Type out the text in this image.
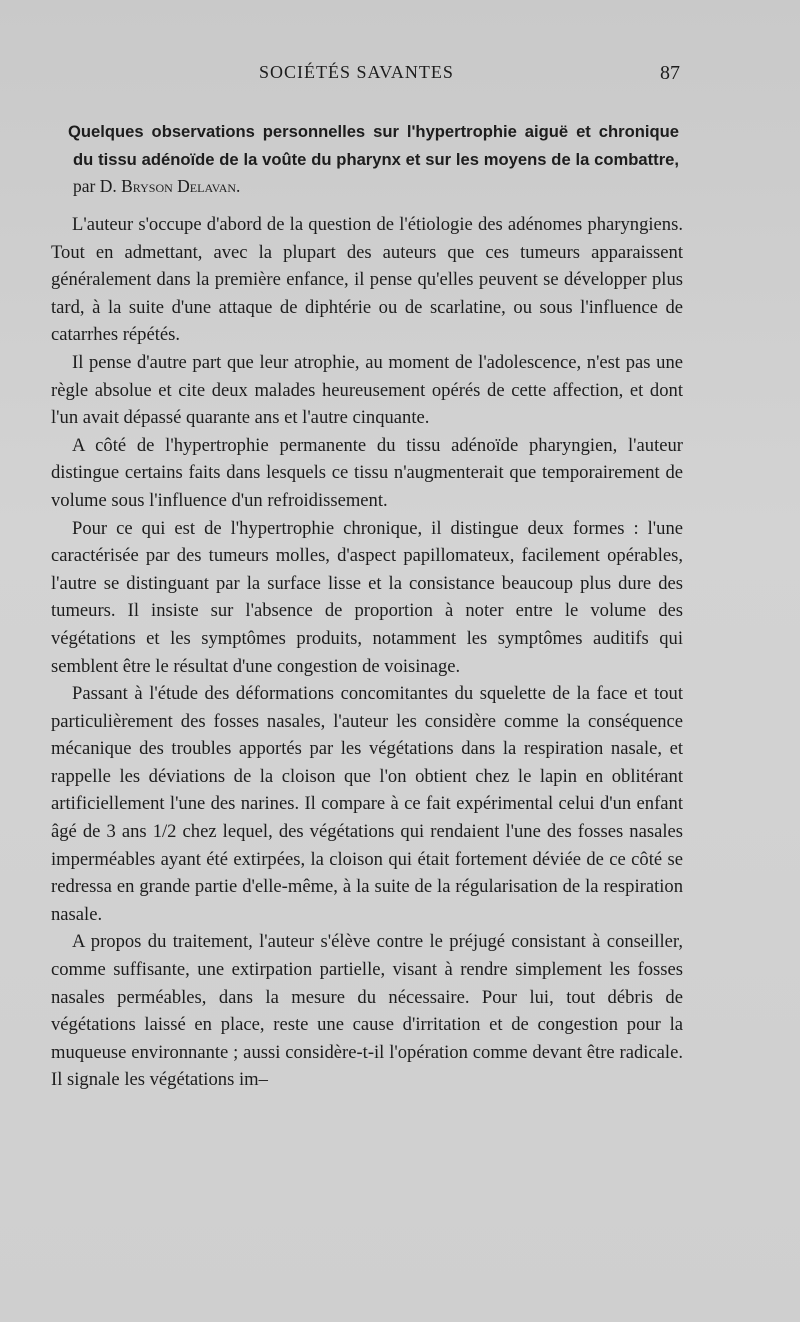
SOCIÉTÉS SAVANTES	87
Quelques observations personnelles sur l'hypertrophie aiguë et chronique du tissu adénoïde de la voûte du pharynx et sur les moyens de la combattre, par D. Bryson Delavan.

L'auteur s'occupe d'abord de la question de l'étiologie des adénomes pharyngiens. Tout en admettant, avec la plupart des auteurs que ces tumeurs apparaissent généralement dans la première enfance, il pense qu'elles peuvent se développer plus tard, à la suite d'une attaque de diphtérie ou de scarlatine, ou sous l'influence de catarrhes répétés.

Il pense d'autre part que leur atrophie, au moment de l'adolescence, n'est pas une règle absolue et cite deux malades heureusement opérés de cette affection, et dont l'un avait dépassé quarante ans et l'autre cinquante.

A côté de l'hypertrophie permanente du tissu adénoïde pharyngien, l'auteur distingue certains faits dans lesquels ce tissu n'augmenterait que temporairement de volume sous l'influence d'un refroidissement.

Pour ce qui est de l'hypertrophie chronique, il distingue deux formes : l'une caractérisée par des tumeurs molles, d'aspect papillomateux, facilement opérables, l'autre se distinguant par la surface lisse et la consistance beaucoup plus dure des tumeurs. Il insiste sur l'absence de proportion à noter entre le volume des végétations et les symptômes produits, notamment les symptômes auditifs qui semblent être le résultat d'une congestion de voisinage.

Passant à l'étude des déformations concomitantes du squelette de la face et tout particulièrement des fosses nasales, l'auteur les considère comme la conséquence mécanique des troubles apportés par les végétations dans la respiration nasale, et rappelle les déviations de la cloison que l'on obtient chez le lapin en oblitérant artificiellement l'une des narines. Il compare à ce fait expérimental celui d'un enfant âgé de 3 ans 1/2 chez lequel, des végétations qui rendaient l'une des fosses nasales imperméables ayant été extirpées, la cloison qui était fortement déviée de ce côté se redressa en grande partie d'elle-même, à la suite de la régularisation de la respiration nasale.

A propos du traitement, l'auteur s'élève contre le préjugé consistant à conseiller, comme suffisante, une extirpation partielle, visant à rendre simplement les fosses nasales perméables, dans la mesure du nécessaire. Pour lui, tout débris de végétations laissé en place, reste une cause d'irritation et de congestion pour la muqueuse environnante ; aussi considère-t-il l'opération comme devant être radicale. Il signale les végétations im–
